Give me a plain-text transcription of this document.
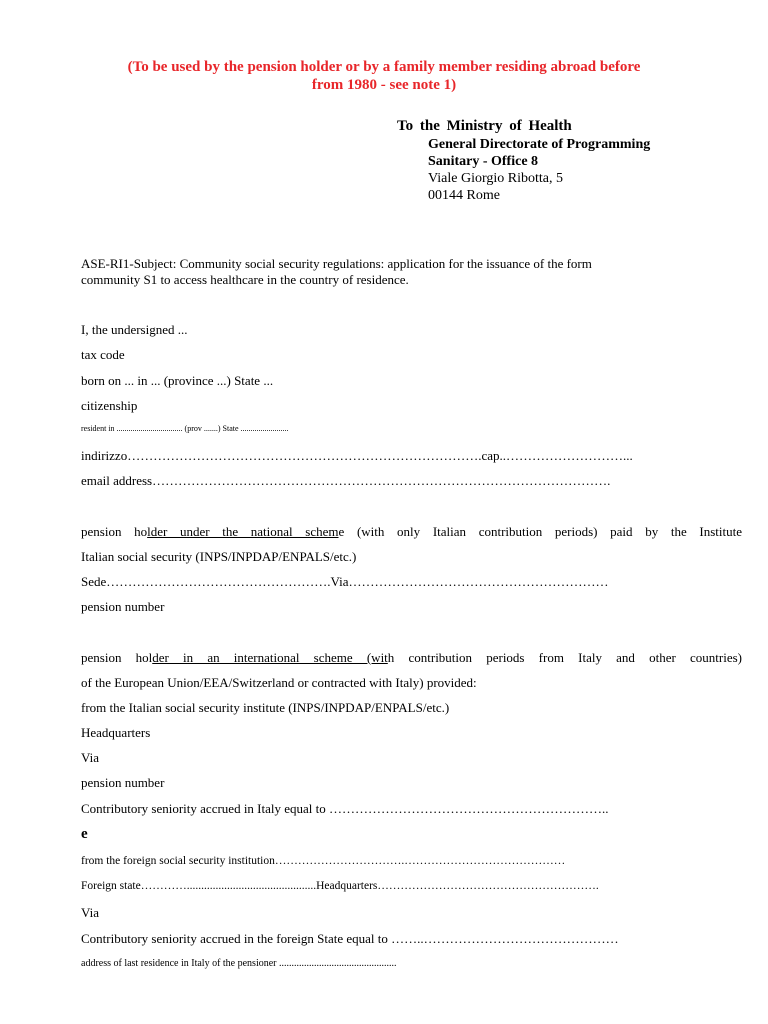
(To be used by the pension holder or by a family member residing abroad before
from 1980 - see note 1)
To the Ministry of Health
General Directorate of Programming
Sanitary - Office 8
Viale Giorgio Ribotta, 5
00144 Rome
ASE-RI1-Subject: Community social security regulations: application for the issuance of the form
community S1 to access healthcare in the country of residence.
I, the undersigned ...
tax code
born on ... in ... (province ...) State ...
citizenship
resident in ................................. (prov .......) State ........................
indirizzo……………………………………………………………………….cap..………………………...
email address…………………………………………………………………………………………….
pension holder under the national scheme (with only Italian contribution periods) paid by the Institute
Italian social security (INPS/INPDAP/ENPALS/etc.)
Sede…………………………………………….Via……………………………………………………
pension number
pension holder in an international scheme (with contribution periods from Italy and other countries)
of the European Union/EEA/Switzerland or contracted with Italy) provided:
from the Italian social security institute (INPS/INPDAP/ENPALS/etc.)
Headquarters
Via
pension number
Contributory seniority accrued in Italy equal to ………………………………………………………..
e
from the foreign social security institution…………………………….……………………………………
Foreign state………….............................................Headquarters………………………………………………….
Via
Contributory seniority accrued in the foreign State equal to ……..………………………………………
address of last residence in Italy of the pensioner ...............................................
